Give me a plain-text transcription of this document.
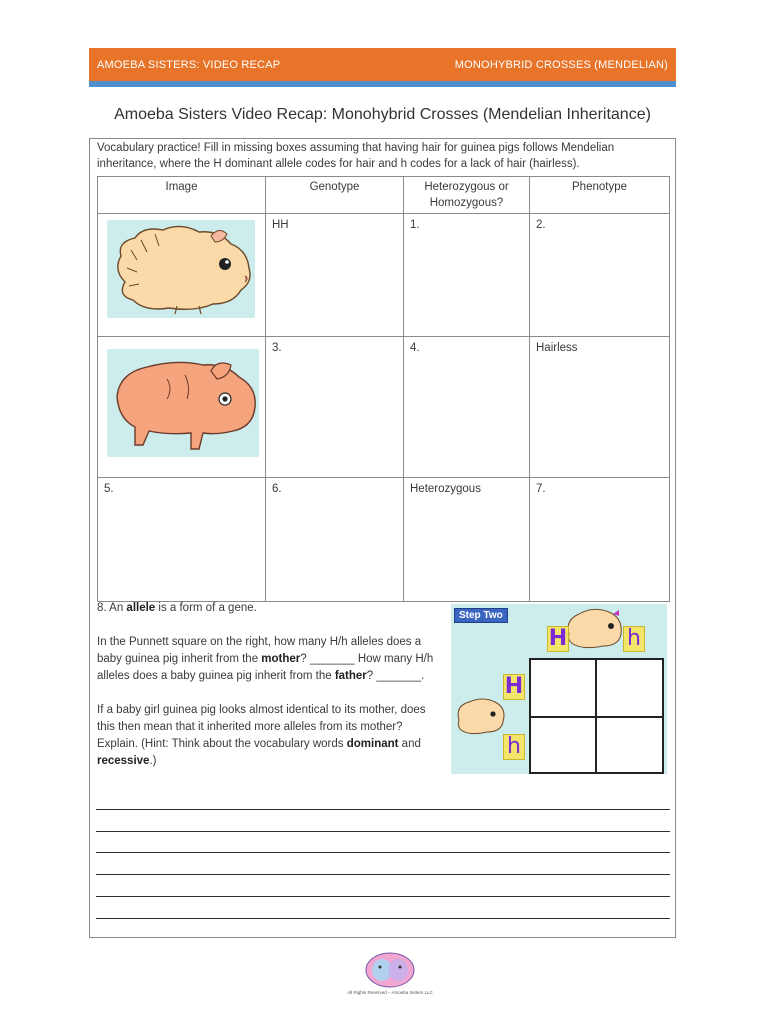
AMOEBA SISTERS: VIDEO RECAP	MONOHYBRID CROSSES (MENDELIAN)
Amoeba Sisters Video Recap: Monohybrid Crosses (Mendelian Inheritance)
Vocabulary practice! Fill in missing boxes assuming that having hair for guinea pigs follows Mendelian inheritance, where the H dominant allele codes for hair and h codes for a lack of hair (hairless).
Image	Genotype	Heterozygous or Homozygous?	Phenotype

	HH	1.	2.

	3.	4.	Hairless
5.	6.	Heterozygous	7.

8. An allele is a form of a gene.

In the Punnett square on the right, how many H/h alleles does a baby guinea pig inherit from the mother? _______ How many H/h alleles does a baby guinea pig inherit from the father? _______.

If a baby girl guinea pig looks almost identical to its mother, does this then mean that it inherited more alleles from its mother? Explain. (Hint: Think about the vocabulary words dominant and recessive.)

Step Two
H	h
H
h
All Rights Reserved – Amoeba Sisters LLC
